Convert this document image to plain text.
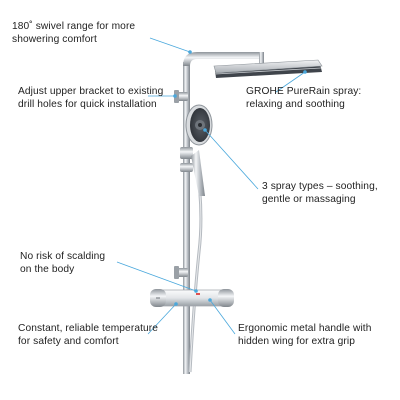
180˚ swivel range for more
showering comfort

Adjust upper bracket to existing
drill holes for quick installation

GROHE PureRain spray:
relaxing and soothing

3 spray types – soothing,
gentle or massaging

No risk of scalding
on the body

Constant, reliable temperature
for safety and comfort

Ergonomic metal handle with
hidden wing for extra grip
